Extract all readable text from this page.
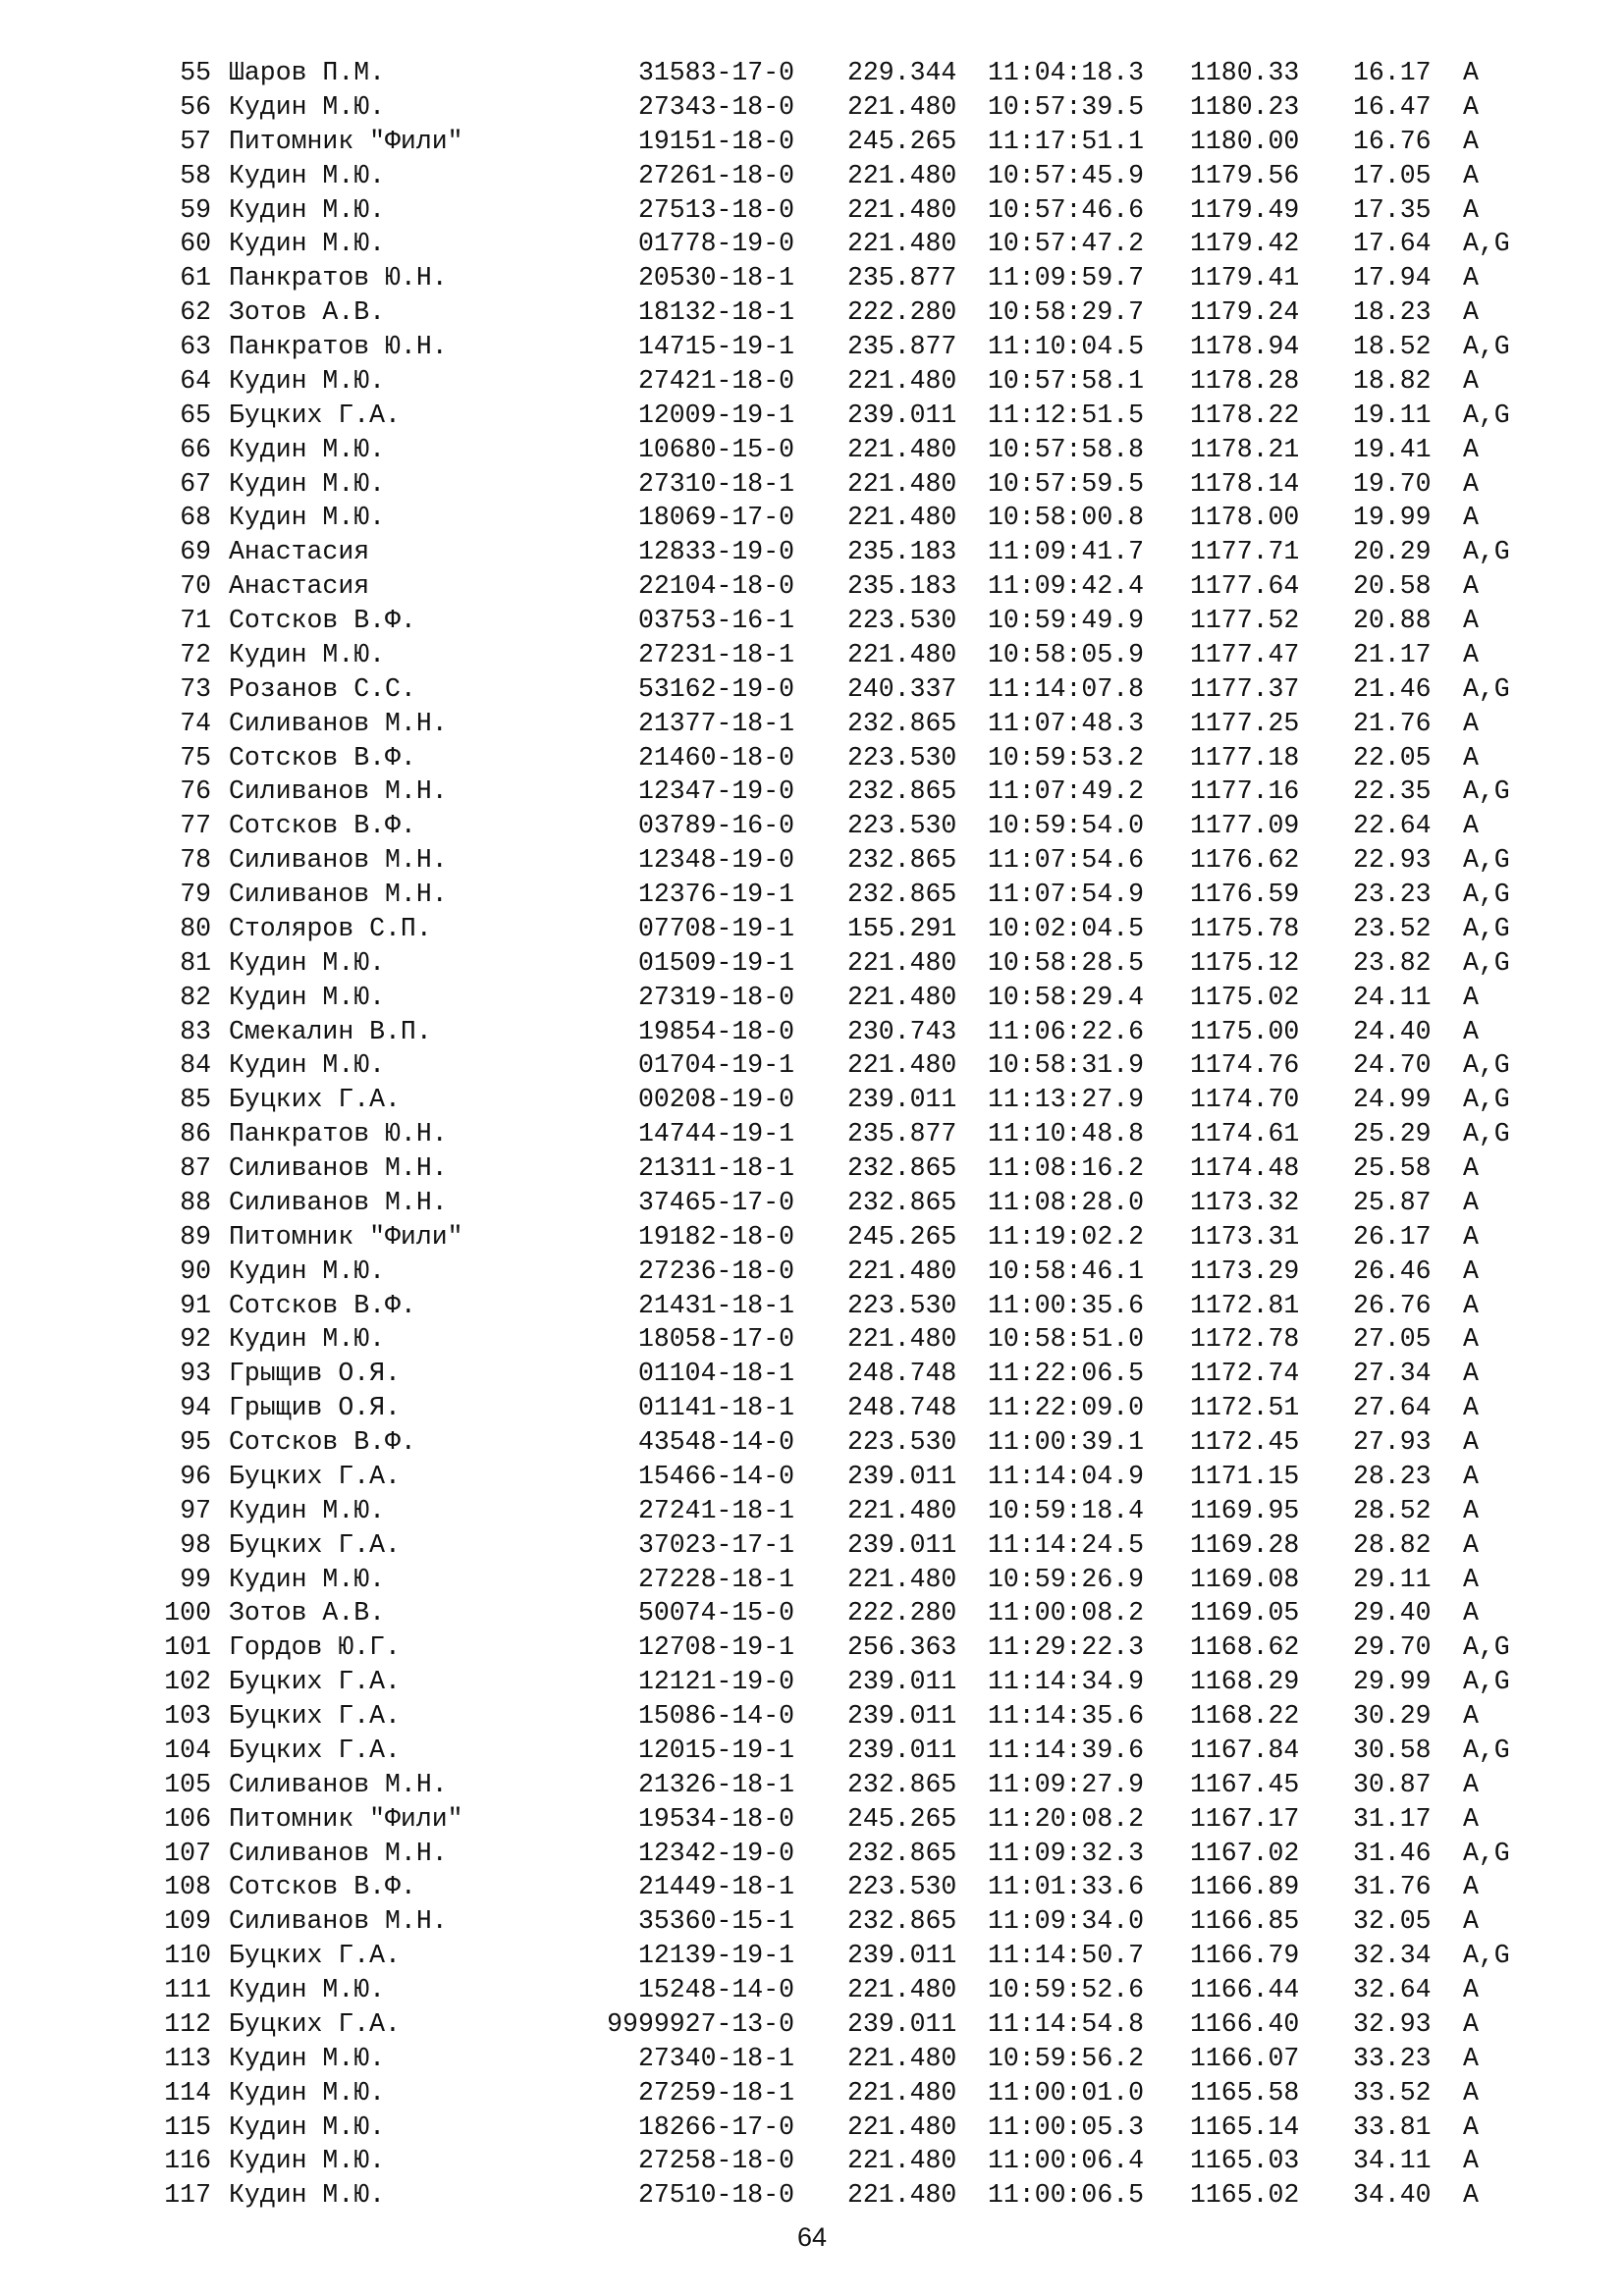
55 Шаров П.М.	31583-17-0 229.344 11:04:18.3 1180.33 16.17 A
56 Кудин М.Ю.	27343-18-0 221.480 10:57:39.5 1180.23 16.47 A
57 Питомник "Фили"	19151-18-0 245.265 11:17:51.1 1180.00 16.76 A
58 Кудин М.Ю.	27261-18-0 221.480 10:57:45.9 1179.56 17.05 A
59 Кудин М.Ю.	27513-18-0 221.480 10:57:46.6 1179.49 17.35 A
60 Кудин М.Ю.	01778-19-0 221.480 10:57:47.2 1179.42 17.64 A,G
61 Панкратов Ю.Н.	20530-18-1 235.877 11:09:59.7 1179.41 17.94 A
62 Зотов А.В.	18132-18-1 222.280 10:58:29.7 1179.24 18.23 A
63 Панкратов Ю.Н.	14715-19-1 235.877 11:10:04.5 1178.94 18.52 A,G
64 Кудин М.Ю.	27421-18-0 221.480 10:57:58.1 1178.28 18.82 A
65 Буцких Г.А.	12009-19-1 239.011 11:12:51.5 1178.22 19.11 A,G
66 Кудин М.Ю.	10680-15-0 221.480 10:57:58.8 1178.21 19.41 A
67 Кудин М.Ю.	27310-18-1 221.480 10:57:59.5 1178.14 19.70 A
68 Кудин М.Ю.	18069-17-0 221.480 10:58:00.8 1178.00 19.99 A
69 Анастасия	12833-19-0 235.183 11:09:41.7 1177.71 20.29 A,G
70 Анастасия	22104-18-0 235.183 11:09:42.4 1177.64 20.58 A
71 Сотсков В.Ф.	03753-16-1 223.530 10:59:49.9 1177.52 20.88 A
72 Кудин М.Ю.	27231-18-1 221.480 10:58:05.9 1177.47 21.17 A
73 Розанов С.С.	53162-19-0 240.337 11:14:07.8 1177.37 21.46 A,G
74 Силиванов М.Н.	21377-18-1 232.865 11:07:48.3 1177.25 21.76 A
75 Сотсков В.Ф.	21460-18-0 223.530 10:59:53.2 1177.18 22.05 A
76 Силиванов М.Н.	12347-19-0 232.865 11:07:49.2 1177.16 22.35 A,G
77 Сотсков В.Ф.	03789-16-0 223.530 10:59:54.0 1177.09 22.64 A
78 Силиванов М.Н.	12348-19-0 232.865 11:07:54.6 1176.62 22.93 A,G
79 Силиванов М.Н.	12376-19-1 232.865 11:07:54.9 1176.59 23.23 A,G
80 Столяров С.П.	07708-19-1 155.291 10:02:04.5 1175.78 23.52 A,G
81 Кудин М.Ю.	01509-19-1 221.480 10:58:28.5 1175.12 23.82 A,G
82 Кудин М.Ю.	27319-18-0 221.480 10:58:29.4 1175.02 24.11 A
83 Смекалин В.П.	19854-18-0 230.743 11:06:22.6 1175.00 24.40 A
84 Кудин М.Ю.	01704-19-1 221.480 10:58:31.9 1174.76 24.70 A,G
85 Буцких Г.А.	00208-19-0 239.011 11:13:27.9 1174.70 24.99 A,G
86 Панкратов Ю.Н.	14744-19-1 235.877 11:10:48.8 1174.61 25.29 A,G
87 Силиванов М.Н.	21311-18-1 232.865 11:08:16.2 1174.48 25.58 A
88 Силиванов М.Н.	37465-17-0 232.865 11:08:28.0 1173.32 25.87 A
89 Питомник "Фили"	19182-18-0 245.265 11:19:02.2 1173.31 26.17 A
90 Кудин М.Ю.	27236-18-0 221.480 10:58:46.1 1173.29 26.46 A
91 Сотсков В.Ф.	21431-18-1 223.530 11:00:35.6 1172.81 26.76 A
92 Кудин М.Ю.	18058-17-0 221.480 10:58:51.0 1172.78 27.05 A
93 Грыщив О.Я.	01104-18-1 248.748 11:22:06.5 1172.74 27.34 A
94 Грыщив О.Я.	01141-18-1 248.748 11:22:09.0 1172.51 27.64 A
95 Сотсков В.Ф.	43548-14-0 223.530 11:00:39.1 1172.45 27.93 A
96 Буцких Г.А.	15466-14-0 239.011 11:14:04.9 1171.15 28.23 A
97 Кудин М.Ю.	27241-18-1 221.480 10:59:18.4 1169.95 28.52 A
98 Буцких Г.А.	37023-17-1 239.011 11:14:24.5 1169.28 28.82 A
99 Кудин М.Ю.	27228-18-1 221.480 10:59:26.9 1169.08 29.11 A
100 Зотов А.В.	50074-15-0 222.280 11:00:08.2 1169.05 29.40 A
101 Гордов Ю.Г.	12708-19-1 256.363 11:29:22.3 1168.62 29.70 A,G
102 Буцких Г.А.	12121-19-0 239.011 11:14:34.9 1168.29 29.99 A,G
103 Буцких Г.А.	15086-14-0 239.011 11:14:35.6 1168.22 30.29 A
104 Буцких Г.А.	12015-19-1 239.011 11:14:39.6 1167.84 30.58 A,G
105 Силиванов М.Н.	21326-18-1 232.865 11:09:27.9 1167.45 30.87 A
106 Питомник "Фили"	19534-18-0 245.265 11:20:08.2 1167.17 31.17 A
107 Силиванов М.Н.	12342-19-0 232.865 11:09:32.3 1167.02 31.46 A,G
108 Сотсков В.Ф.	21449-18-1 223.530 11:01:33.6 1166.89 31.76 A
109 Силиванов М.Н.	35360-15-1 232.865 11:09:34.0 1166.85 32.05 A
110 Буцких Г.А.	12139-19-1 239.011 11:14:50.7 1166.79 32.34 A,G
111 Кудин М.Ю.	15248-14-0 221.480 10:59:52.6 1166.44 32.64 A
112 Буцких Г.А.	9999927-13-0 239.011 11:14:54.8 1166.40 32.93 A
113 Кудин М.Ю.	27340-18-1 221.480 10:59:56.2 1166.07 33.23 A
114 Кудин М.Ю.	27259-18-1 221.480 11:00:01.0 1165.58 33.52 A
115 Кудин М.Ю.	18266-17-0 221.480 11:00:05.3 1165.14 33.81 A
116 Кудин М.Ю.	27258-18-0 221.480 11:00:06.4 1165.03 34.11 A
117 Кудин М.Ю.	27510-18-0 221.480 11:00:06.5 1165.02 34.40 A
64
